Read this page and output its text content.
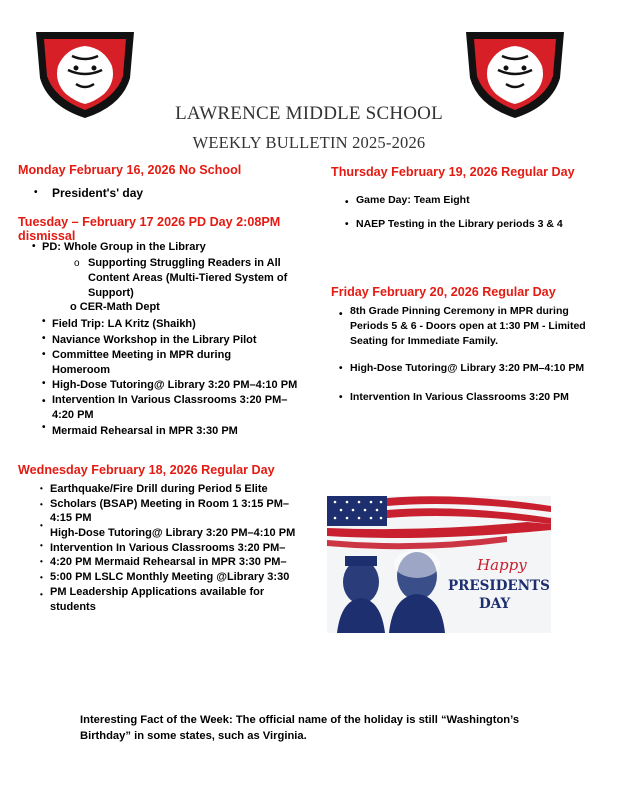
LAWRENCE MIDDLE SCHOOL
WEEKLY BULLETIN 2025-2026
Monday February 16, 2026 No School
• President's' day
Tuesday – February 17 2026 PD Day 2:08PM
dismissal
• PD: Whole Group in the Library
o Supporting Struggling Readers in All
Content Areas (Multi-Tiered System of
Support)
o CER-Math Dept
• Field Trip: LA Kritz (Shaikh)
• Naviance Workshop in the Library Pilot
• Committee Meeting in MPR during
Homeroom
• High-Dose Tutoring@ Library 3:20 PM–4:10 PM
• Intervention In Various Classrooms 3:20 PM–
4:20 PM
• Mermaid Rehearsal in MPR 3:30 PM
Wednesday February 18, 2026 Regular Day
• Earthquake/Fire Drill during Period 5 Elite
• Scholars (BSAP) Meeting in Room 1 3:15 PM–
4:15 PM
•
High-Dose Tutoring@ Library 3:20 PM–4:10 PM
• Intervention In Various Classrooms 3:20 PM–
• 4:20 PM Mermaid Rehearsal in MPR 3:30 PM–
• 5:00 PM LSLC Monthly Meeting @Library 3:30
• PM Leadership Applications available for
students
Thursday February 19, 2026 Regular Day
• Game Day: Team Eight
• NAEP Testing in the Library periods 3 & 4
Friday February 20, 2026 Regular Day
• 8th Grade Pinning Ceremony in MPR during
Periods 5 & 6 - Doors open at 1:30 PM - Limited
Seating for Immediate Family.
• High-Dose Tutoring@ Library 3:20 PM–4:10 PM
• Intervention In Various Classrooms 3:20 PM
Happy
PRESIDENTS
DAY
Interesting Fact of the Week: The official name of the holiday is still “Washington’s
Birthday” in some states, such as Virginia.
